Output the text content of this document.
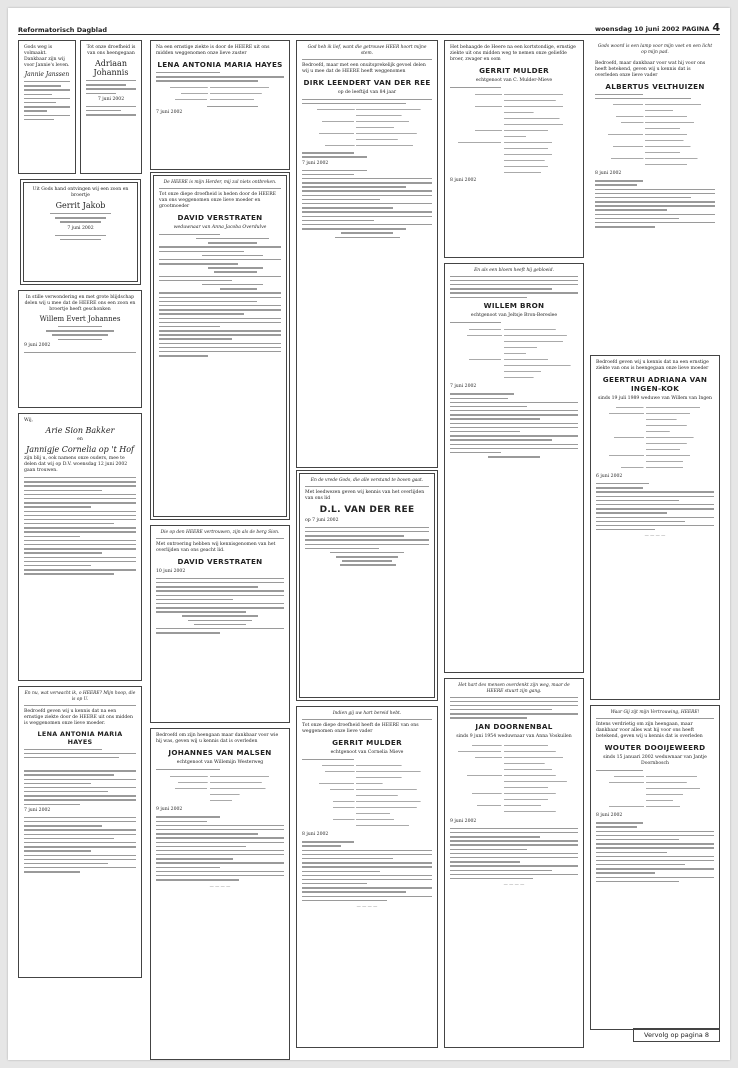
Reformatorisch Dagblad	woensdag 10 juni 2002 PAGINA 4

Gods weg is volmaakt. Dankbaar zijn wij voor Jannie's leven.

Jannie Janssen

Tot onze droefheid is van ons heengegaan

Adriaan Johannis

7 juni 2002

Uit Gods hand ontvingen wij een zoon en broertje

Gerrit Jakob

7 juni 2002

In stille verwondering en met grote blijdschap delen wij u mee dat de HEERE ons een zoon en broertje heeft geschonken

Willem Evert Johannes

9 juni 2002

Wij,

Arie Sion Bakker

en

Jannigje Cornelia op 't Hof

zijn blij u, ook namens onze ouders, mee te delen dat wij op D.V. woensdag 12 juni 2002 gaan trouwen.

En nu, wat verwacht ik, o HEERE? Mijn hoop, die is op U.

Bedroefd geven wij u kennis dat na een ernstige ziekte door de HEERE uit ons midden is weggenomen onze lieve moeder.

LENA ANTONIA MARIA HAYES

7 juni 2002

Na een ernstige ziekte is door de HEERE uit ons midden weggenomen onze lieve zuster

LENA ANTONIA MARIA HAYES

7 juni 2002

De HEERE is mijn Herder, mij zal niets ontbreken.

Tot onze diepe droefheid is heden door de HEERE van ons weggenomen onze lieve moeder en grootmoeder

DAVID VERSTRATEN

weduwnaar van Anna Jacoba Overdulve

Die op den HEERE vertrouwen, zijn als de berg Sion.

Met ontroering hebben wij kennisgenomen van het overlijden van ons geacht lid.

DAVID VERSTRATEN

10 juni 2002

Bedroefd om zijn heengaan maar dankbaar voor wie hij was, geven wij u kennis dat is overleden

JOHANNES VAN MALSEN

echtgenoot van Willemijn Westerweg

9 juni 2002

— — — —

God heb ik lief, want die getrouwe HEER hoort mijne stem.

Bedroefd, maar met een onuitsprekelijk gevoel delen wij u mee dat de HEERE heeft weggenomen

DIRK LEENDERT VAN DER REE

op de leeftijd van 84 jaar

7 juni 2002

En de vrede Gods, die alle verstand te boven gaat.

Met leedwezen geven wij kennis van het overlijden van ons lid

D.L. VAN DER REE

op 7 juni 2002

Indien gij uw hart bereid hebt.

Tot onze diepe droefheid heeft de HEERE van ons weggenomen onze lieve vader

GERRIT MULDER

echtgenoot van Cornelia Mieve

8 juni 2002

— — — —

Het behaagde de Heere na een kortstondige, ernstige ziekte uit ons midden weg te nemen onze geliefde broer, zwager en oom

GERRIT MULDER

echtgenoot van C. Mulder-Mieve

8 juni 2002

En als een bloem heeft hij gebloeid.

WILLEM BRON

echtgenoot van Jeltsje Bron-Bereslee

7 juni 2002

Het hart des mensen overdenkt zijn weg, maar de HEERE stuurt zijn gang.

JAN DOORNENBAL

sinds 9 juni 1954 weduwnaar van Anna Voskuilen

9 juni 2002

— — — —

Gods woord is een lamp voor mijn voet en een licht op mijn pad.

Bedroefd, maar dankbaar voor wat hij voor ons heeft betekend, geven wij u kennis dat is overleden onze lieve vader

ALBERTUS VELTHUIZEN

8 juni 2002

Bedroefd geven wij u kennis dat na een ernstige ziekte van ons is heengegaan onze lieve moeder

GEERTRUI ADRIANA VAN INGEN-KOK

sinds 19 juli 1989 weduwe van Willem van Ingen

6 juni 2002

— — — —

Waar Gij zijt mijn Vertrouwing, HEERE!

Intens verdrietig om zijn heengaan, maar dankbaar voor alles wat hij voor ons heeft betekend, geven wij u kennis dat is overleden

WOUTER DOOIJEWEERD

sinds 15 januari 2002 weduwnaar van Jantje Doornbosch

8 juni 2002

Vervolg op pagina 8
